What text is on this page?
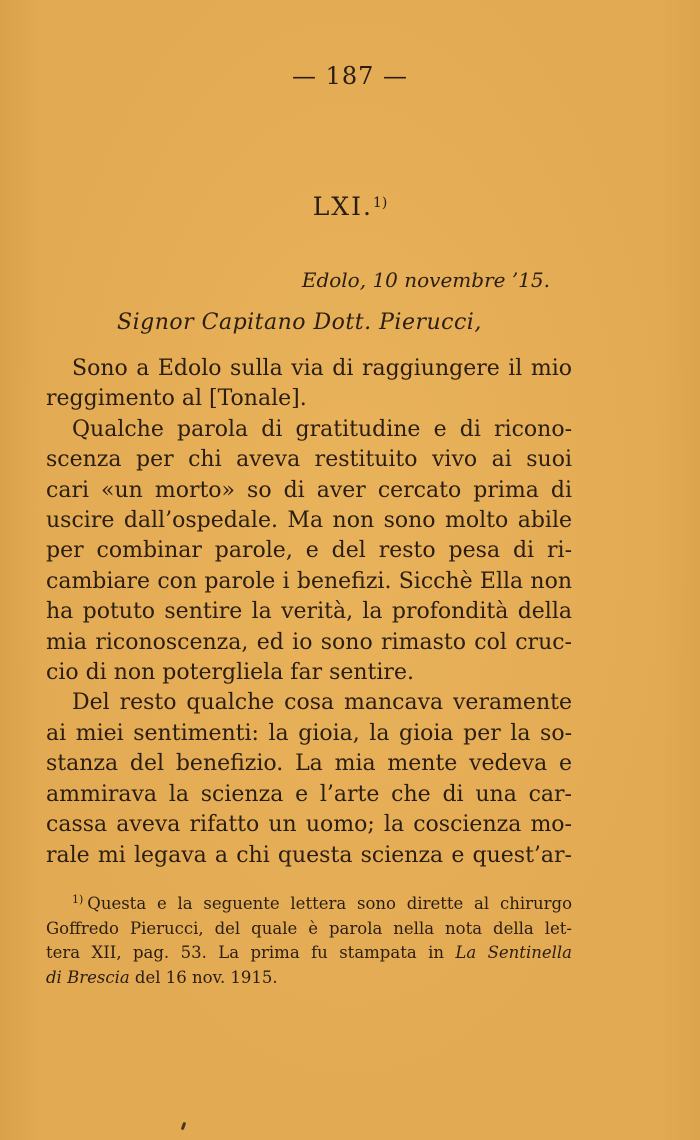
— 187 —
LXI.$^{1)}$
Edolo, 10 novembre ’15.
Signor Capitano Dott. Pierucci,
Sono a Edolo sulla via di raggiungere il mio
reggimento al [Tonale].
Qualche parola di gratitudine e di ricono-
scenza per chi aveva restituito vivo ai suoi
cari «un morto» so di aver cercato prima di
uscire dall’ospedale. Ma non sono molto abile
per combinar parole, e del resto pesa di ri-
cambiare con parole i benefizi. Sicchè Ella non
ha potuto sentire la verità, la profondità della
mia riconoscenza, ed io sono rimasto col cruc-
cio di non potergliela far sentire.
Del resto qualche cosa mancava veramente
ai miei sentimenti: la gioia, la gioia per la so-
stanza del benefizio. La mia mente vedeva e
ammirava la scienza e l’arte che di una car-
cassa aveva rifatto un uomo; la coscienza mo-
rale mi legava a chi questa scienza e quest’ar-
$^{1)}$ Questa e la seguente lettera sono dirette al chirurgo
Goffredo Pierucci, del quale è parola nella nota della let-
tera XII, pag. 53. La prima fu stampata in La Sentinella
di Brescia del 16 nov. 1915.
